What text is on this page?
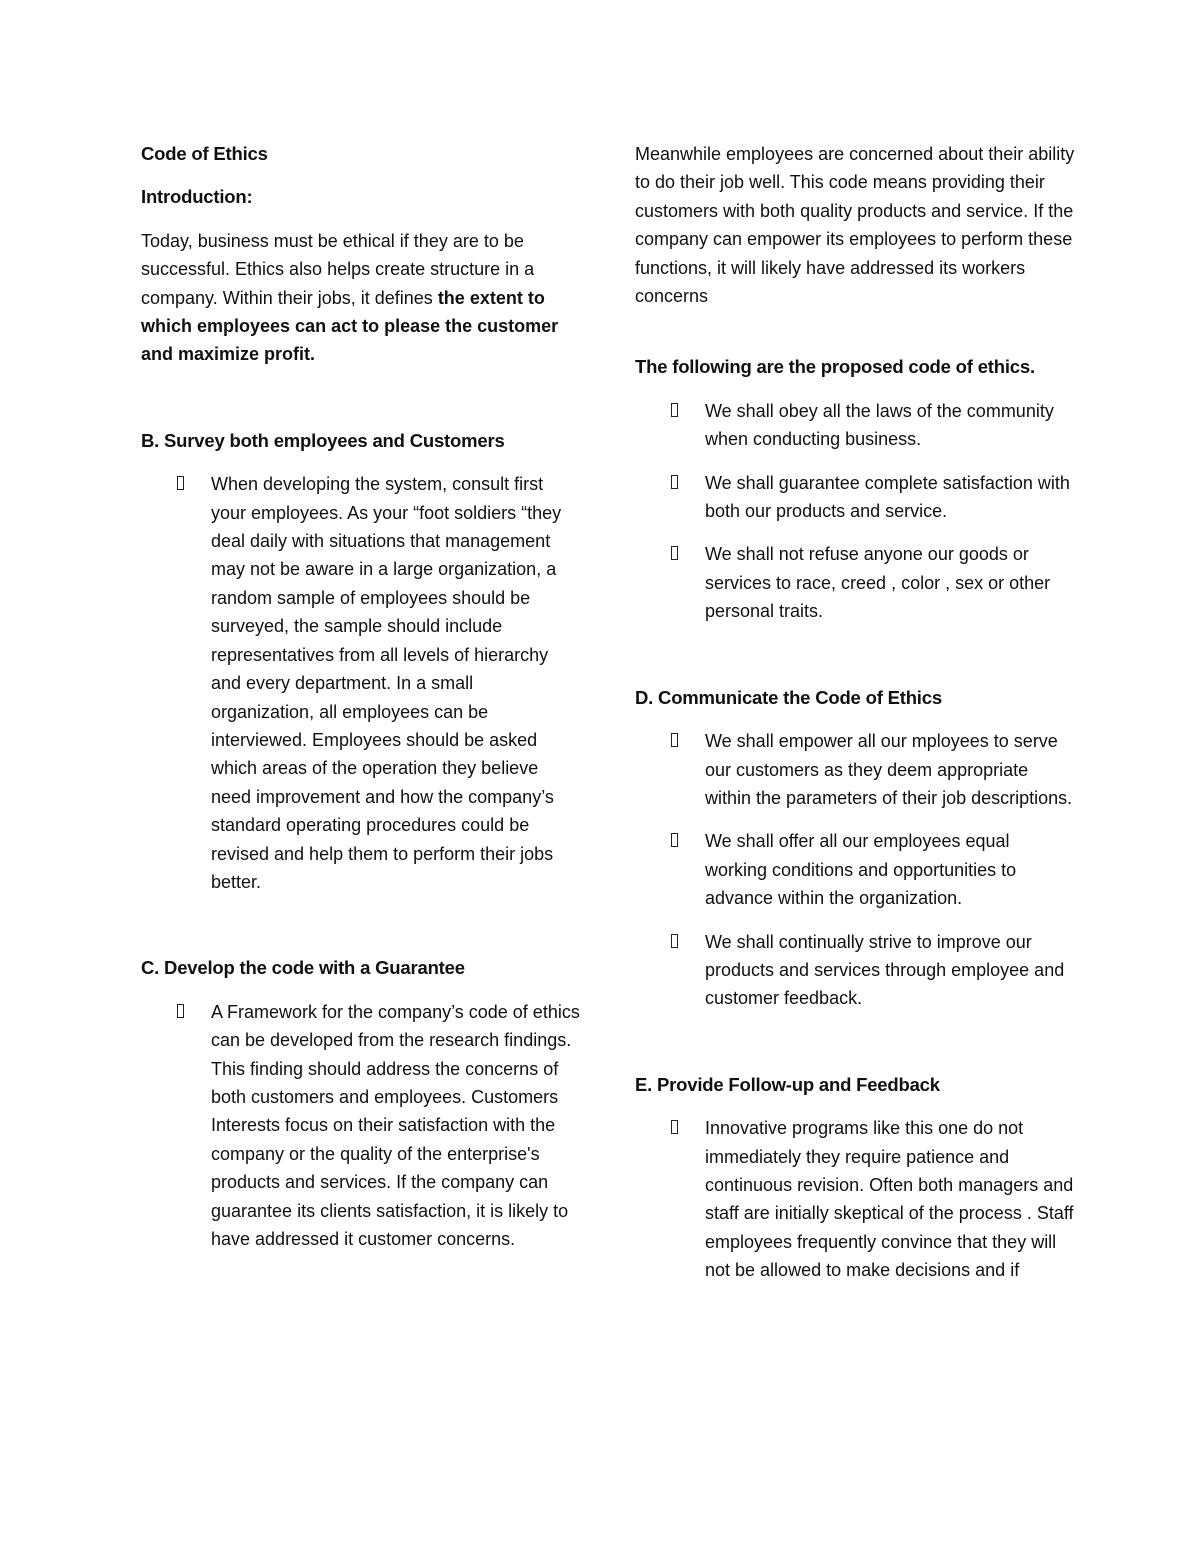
Code of Ethics

Introduction:

Today, business must be ethical if they are to be successful. Ethics also helps create structure in a company. Within their jobs, it defines the extent to which employees can act to please the customer and maximize profit.

B. Survey both employees and Customers

When developing the system, consult first your employees. As your “foot soldiers “they deal daily with situations that management may not be aware in a large organization, a random sample of employees should be surveyed, the sample should include representatives from all levels of hierarchy and every department. In a small organization, all employees can be interviewed. Employees should be asked which areas of the operation they believe need improvement and how the company’s standard operating procedures could be revised and help them to perform their jobs better.

C. Develop the code with a Guarantee

A Framework for the company’s code of ethics can be developed from the research findings. This finding should address the concerns of both customers and employees. Customers Interests focus on their satisfaction with the company or the quality of the enterprise's products and services. If the company can guarantee its clients satisfaction, it is likely to have addressed it customer concerns.

Meanwhile employees are concerned about their ability to do their job well. This code means providing their customers with both quality products and service. If the company can empower its employees to perform these functions, it will likely have addressed its workers concerns

The following are the proposed code of ethics.

We shall obey all the laws of the community when conducting business.
We shall guarantee complete satisfaction with both our products and service.
We shall not refuse anyone our goods or services to race, creed , color , sex or other personal traits.

D. Communicate the Code of Ethics

We shall empower all our mployees to serve our customers as they deem appropriate within the parameters of their job descriptions.
We shall offer all our employees equal working conditions and opportunities to advance within the organization.
We shall continually strive to improve our products and services through employee and customer feedback.

E. Provide Follow-up and Feedback

Innovative programs like this one do not immediately they require patience and continuous revision. Often both managers and staff are initially skeptical of the process . Staff employees frequently convince that they will not be allowed to make decisions and if
